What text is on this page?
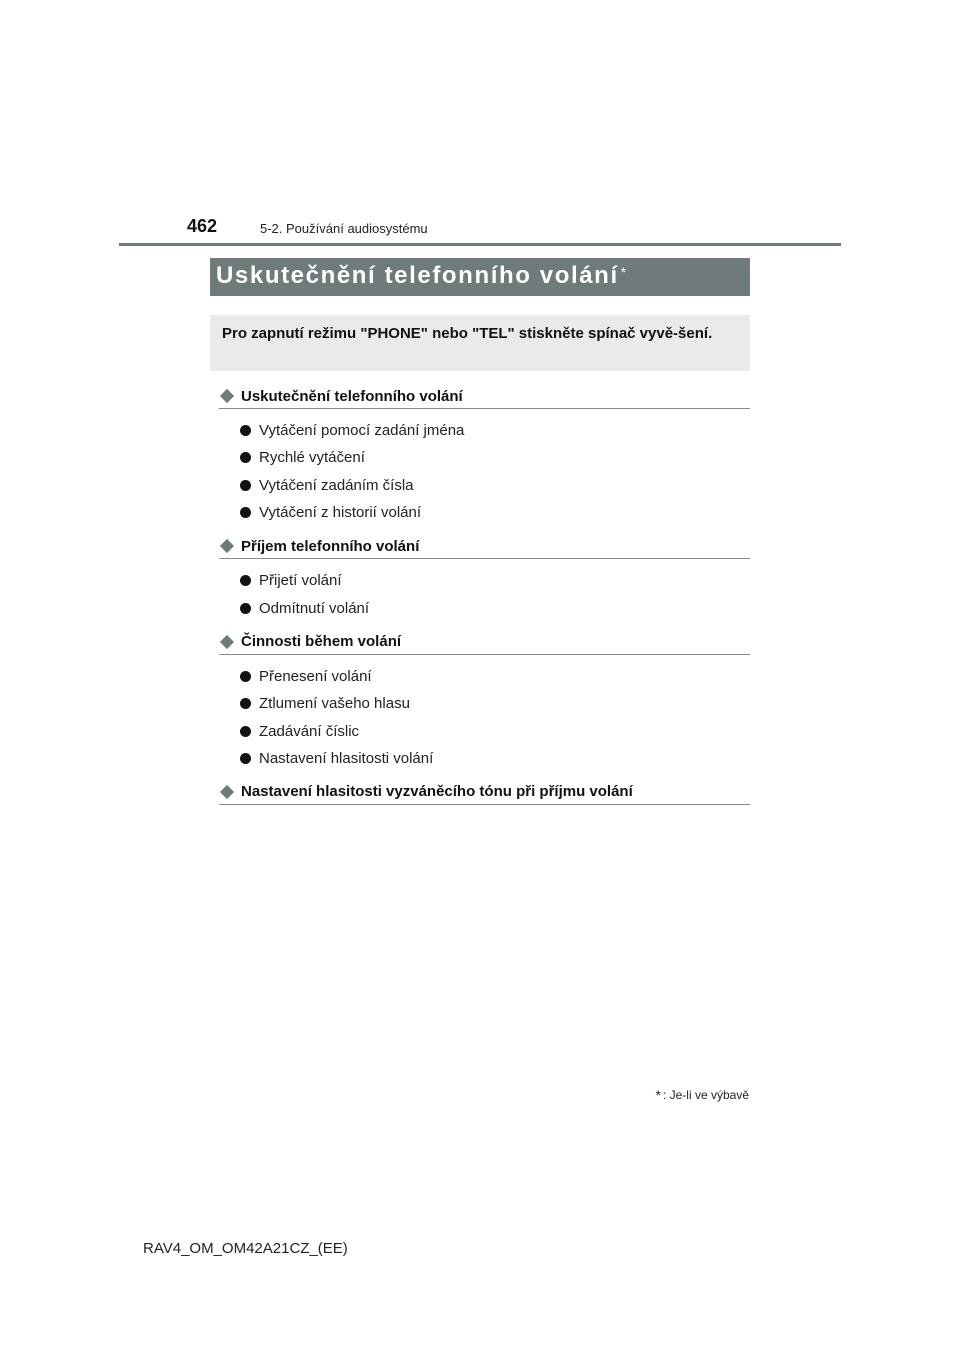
462	5-2. Používání audiosystému
Uskutečnění telefonního volání *

Pro zapnutí režimu "PHONE" nebo "TEL" stiskněte spínač vyvě-šení.

Uskutečnění telefonního volání
Vytáčení pomocí zadání jména
Rychlé vytáčení
Vytáčení zadáním čísla
Vytáčení z historií volání
Příjem telefonního volání
Přijetí volání
Odmítnutí volání
Činnosti během volání
Přenesení volání
Ztlumení vašeho hlasu
Zadávání číslic
Nastavení hlasitosti volání
Nastavení hlasitosti vyzváněcího tónu při příjmu volání
* : Je-li ve výbavě
RAV4_OM_OM42A21CZ_(EE)
